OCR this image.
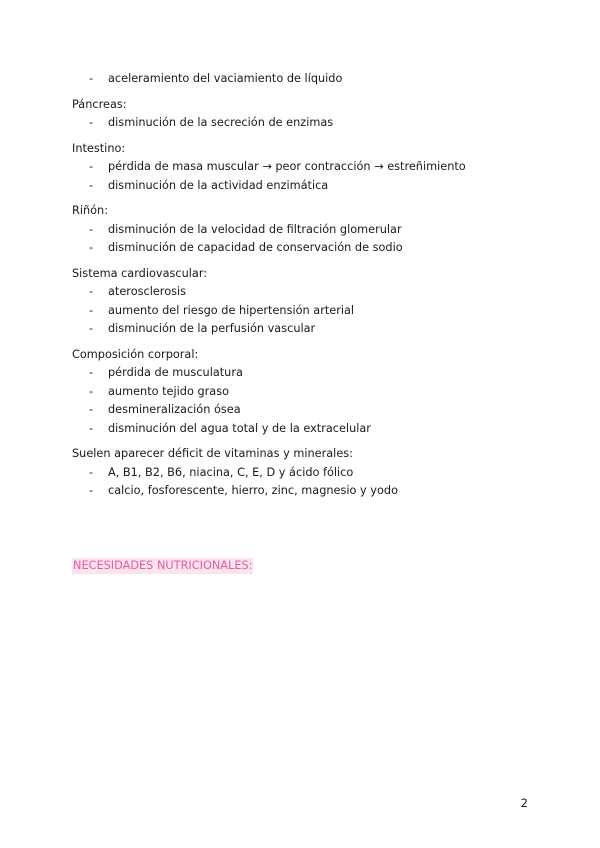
- aceleramiento del vaciamiento de líquido

Páncreas:

- disminución de la secreción de enzimas

Intestino:

- pérdida de masa muscular → peor contracción → estreñimiento
- disminución de la actividad enzimática

Riñón:

- disminución de la velocidad de filtración glomerular
- disminución de capacidad de conservación de sodio

Sistema cardiovascular:

- aterosclerosis
- aumento del riesgo de hipertensión arterial
- disminución de la perfusión vascular

Composición corporal:

- pérdida de musculatura
- aumento tejido graso
- desmineralización ósea
- disminución del agua total y de la extracelular

Suelen aparecer déficit de vitaminas y minerales:

- A, B1, B2, B6, niacina, C, E, D y ácido fólico
- calcio, fosforescente, hierro, zinc, magnesio y yodo
NECESIDADES NUTRICIONALES:
2
